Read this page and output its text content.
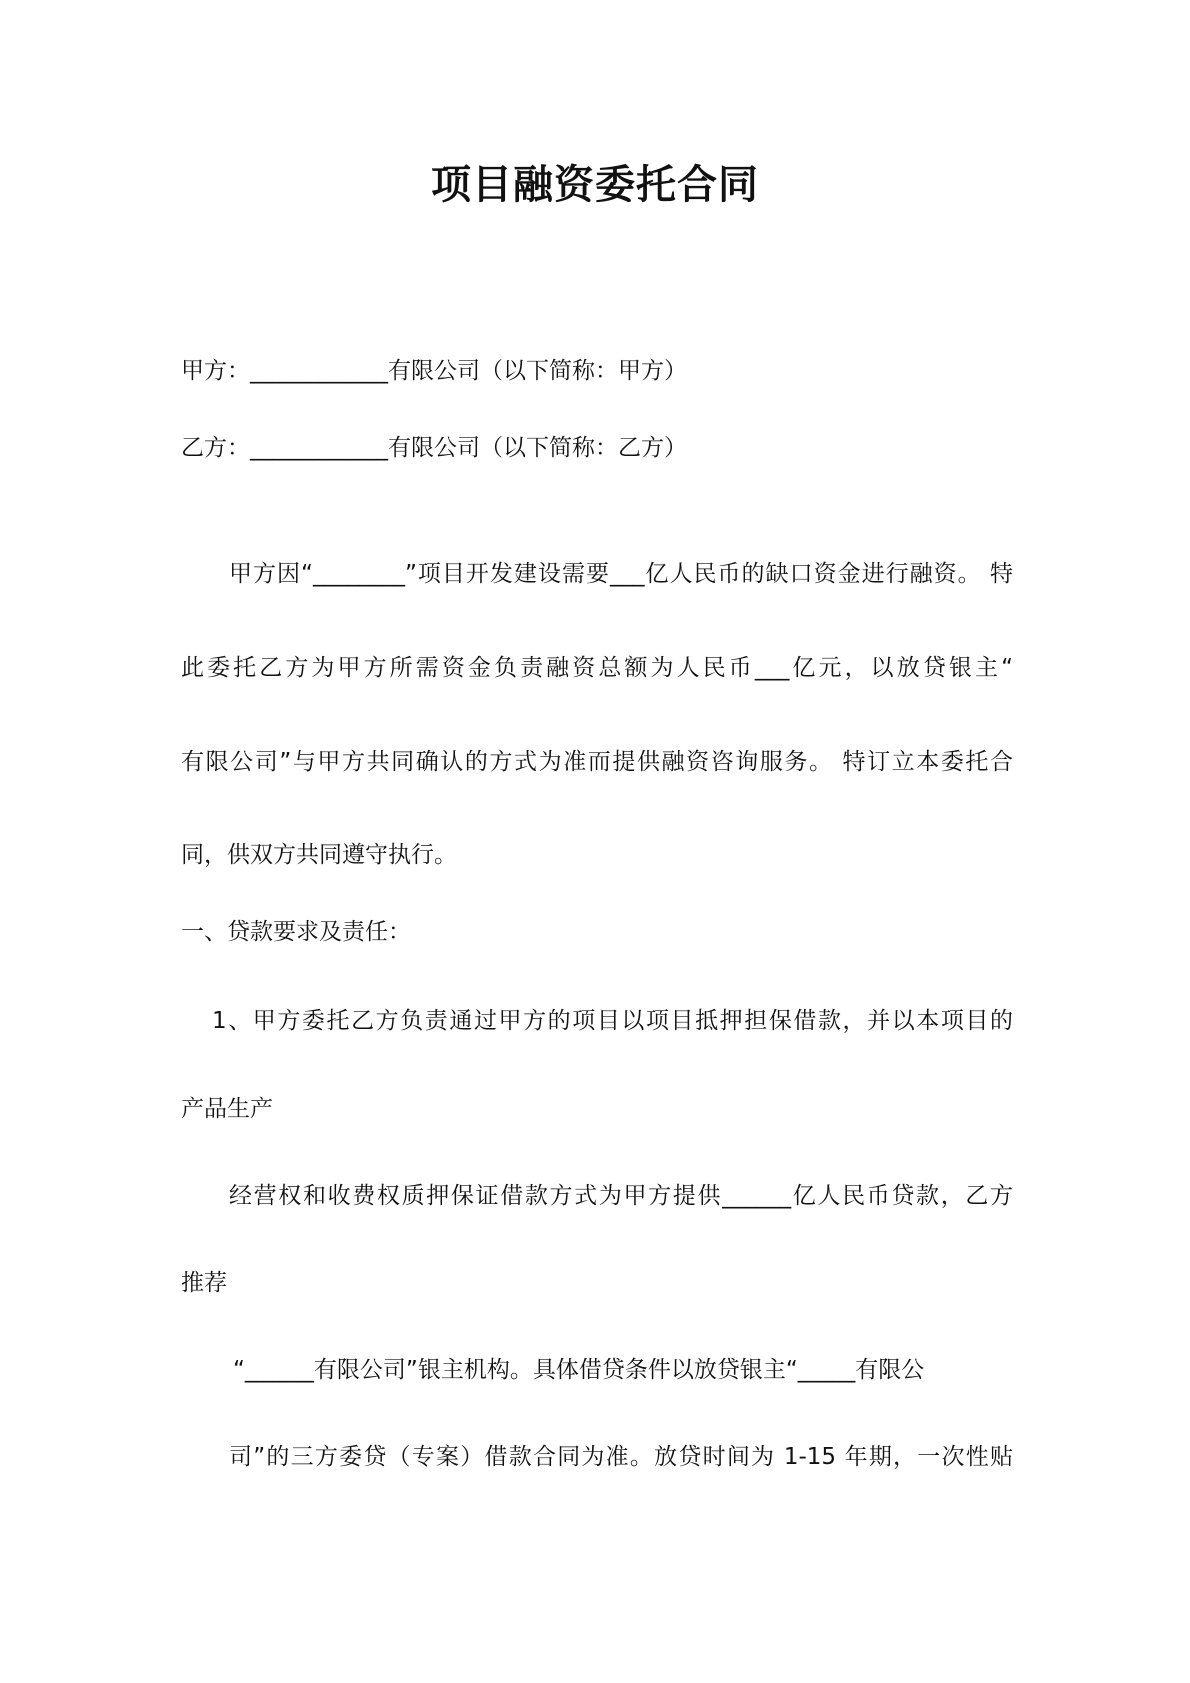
项目融资委托合同
甲方：____________有限公司（以下简称：甲方）
乙方：____________有限公司（以下简称：乙方）
甲方因“________”项目开发建设需要___亿人民币的缺口资金进行融资。 特
此委托乙方为甲方所需资金负责融资总额为人民币___亿元，以放贷银主“
有限公司”与甲方共同确认的方式为准而提供融资咨询服务。 特订立本委托合
同，供双方共同遵守执行。
一、贷款要求及责任：
1、甲方委托乙方负责通过甲方的项目以项目抵押担保借款，并以本项目的
产品生产
经营权和收费权质押保证借款方式为甲方提供______亿人民币贷款，乙方
推荐
“______有限公司”银主机构。具体借贷条件以放贷银主“_____有限公
司”的三方委贷（专案）借款合同为准。放贷时间为 1-15 年期，一次性贴
